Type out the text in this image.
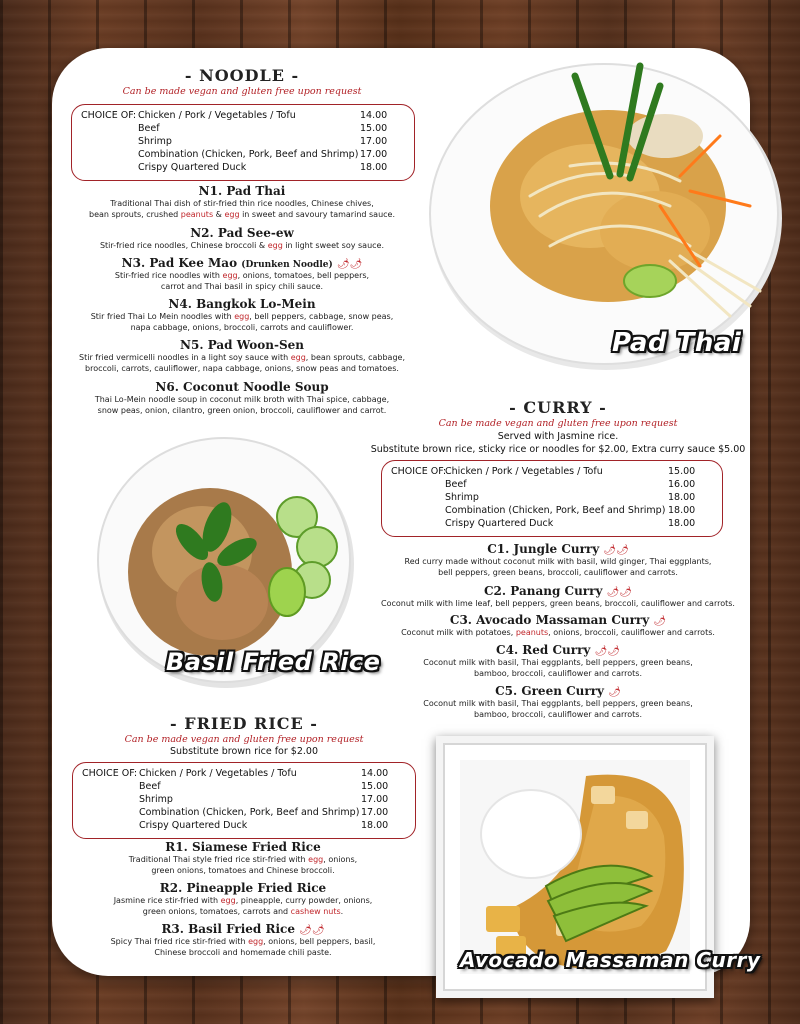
- NOODLE -
Can be made vegan and gluten free upon request
CHOICE OF: Chicken / Pork / Vegetables / Tofu	14.00
Beef	15.00
Shrimp	17.00
Combination (Chicken, Pork, Beef and Shrimp) 17.00
Crispy Quartered Duck	18.00
N1. Pad Thai
Traditional Thai dish of stir-fried thin rice noodles, Chinese chives,
bean sprouts, crushed peanuts & egg in sweet and savoury tamarind sauce.
N2. Pad See-ew
Stir-fried rice noodles, Chinese broccoli & egg in light sweet soy sauce.
N3. Pad Kee Mao (Drunken Noodle) 🌶🌶
Stir-fried rice noodles with egg, onions, tomatoes, bell peppers,
carrot and Thai basil in spicy chili sauce.
N4. Bangkok Lo-Mein
Stir fried Thai Lo Mein noodles with egg, bell peppers, cabbage, snow peas,
napa cabbage, onions, broccoli, carrots and cauliflower.
N5. Pad Woon-Sen
Stir fried vermicelli noodles in a light soy sauce with egg, bean sprouts, cabbage,
broccoli, carrots, cauliflower, napa cabbage, onions, snow peas and tomatoes.
N6. Coconut Noodle Soup
Thai Lo-Mein noodle soup in coconut milk broth with Thai spice, cabbage,
snow peas, onion, cilantro, green onion, broccoli, cauliflower and carrot.
Pad Thai
Basil Fried Rice
- CURRY -
Can be made vegan and gluten free upon request
Served with Jasmine rice.
Substitute brown rice, sticky rice or noodles for $2.00, Extra curry sauce $5.00
CHOICE OF:
Chicken / Pork / Vegetables / Tofu	15.00
Beef	16.00
Shrimp	18.00
Combination (Chicken, Pork, Beef and Shrimp) 18.00
Crispy Quartered Duck	18.00
C1. Jungle Curry 🌶🌶
Red curry made without coconut milk with basil, wild ginger, Thai eggplants,
bell peppers, green beans, broccoli, cauliflower and carrots.
C2. Panang Curry 🌶🌶
Coconut milk with lime leaf, bell peppers, green beans, broccoli, cauliflower and carrots.
C3. Avocado Massaman Curry 🌶
Coconut milk with potatoes, peanuts, onions, broccoli, cauliflower and carrots.
C4. Red Curry 🌶🌶
Coconut milk with basil, Thai eggplants, bell peppers, green beans,
bamboo, broccoli, cauliflower and carrots.
C5. Green Curry 🌶
Coconut milk with basil, Thai eggplants, bell peppers, green beans,
bamboo, broccoli, cauliflower and carrots.
- FRIED RICE -
Can be made vegan and gluten free upon request
Substitute brown rice for $2.00
CHOICE OF: Chicken / Pork / Vegetables / Tofu	14.00
Beef	15.00
Shrimp	17.00
Combination (Chicken, Pork, Beef and Shrimp) 17.00
Crispy Quartered Duck	18.00
R1. Siamese Fried Rice
Traditional Thai style fried rice stir-fried with egg, onions,
green onions, tomatoes and Chinese broccoli.
R2. Pineapple Fried Rice
Jasmine rice stir-fried with egg, pineapple, curry powder, onions,
green onions, tomatoes, carrots and cashew nuts.
R3. Basil Fried Rice 🌶🌶
Spicy Thai fried rice stir-fried with egg, onions, bell peppers, basil,
Chinese broccoli and homemade chili paste.	Avocado Massaman Curry
